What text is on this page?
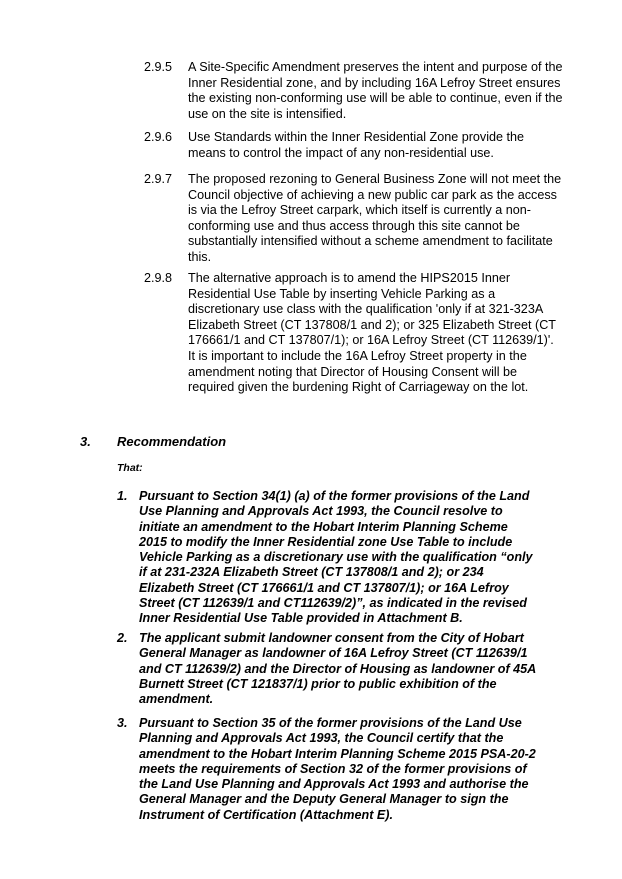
2.9.5	A Site-Specific Amendment preserves the intent and purpose of the Inner Residential zone, and by including 16A Lefroy Street ensures the existing non-conforming use will be able to continue, even if the use on the site is intensified.
2.9.6	Use Standards within the Inner Residential Zone provide the means to control the impact of any non-residential use.
2.9.7	The proposed rezoning to General Business Zone will not meet the Council objective of achieving a new public car park as the access is via the Lefroy Street carpark, which itself is currently a non-conforming use and thus access through this site cannot be substantially intensified without a scheme amendment to facilitate this.
2.9.8	The alternative approach is to amend the HIPS2015 Inner Residential Use Table by inserting Vehicle Parking as a discretionary use class with the qualification 'only if at 321-323A Elizabeth Street (CT 137808/1 and 2); or 325 Elizabeth Street (CT 176661/1 and CT 137807/1); or 16A Lefroy Street (CT 112639/1)'. It is important to include the 16A Lefroy Street property in the amendment noting that Director of Housing Consent will be required given the burdening Right of Carriageway on the lot.
3. Recommendation
That:
1. Pursuant to Section 34(1) (a) of the former provisions of the Land Use Planning and Approvals Act 1993, the Council resolve to initiate an amendment to the Hobart Interim Planning Scheme 2015 to modify the Inner Residential zone Use Table to include Vehicle Parking as a discretionary use with the qualification “only if at 231-232A Elizabeth Street (CT 137808/1 and 2); or 234 Elizabeth Street (CT 176661/1 and CT 137807/1); or 16A Lefroy Street (CT 112639/1 and CT112639/2)”, as indicated in the revised Inner Residential Use Table provided in Attachment B.
2. The applicant submit landowner consent from the City of Hobart General Manager as landowner of 16A Lefroy Street (CT 112639/1 and CT 112639/2) and the Director of Housing as landowner of 45A Burnett Street (CT 121837/1) prior to public exhibition of the amendment.
3. Pursuant to Section 35 of the former provisions of the Land Use Planning and Approvals Act 1993, the Council certify that the amendment to the Hobart Interim Planning Scheme 2015 PSA-20-2 meets the requirements of Section 32 of the former provisions of the Land Use Planning and Approvals Act 1993 and authorise the General Manager and the Deputy General Manager to sign the Instrument of Certification (Attachment E).
